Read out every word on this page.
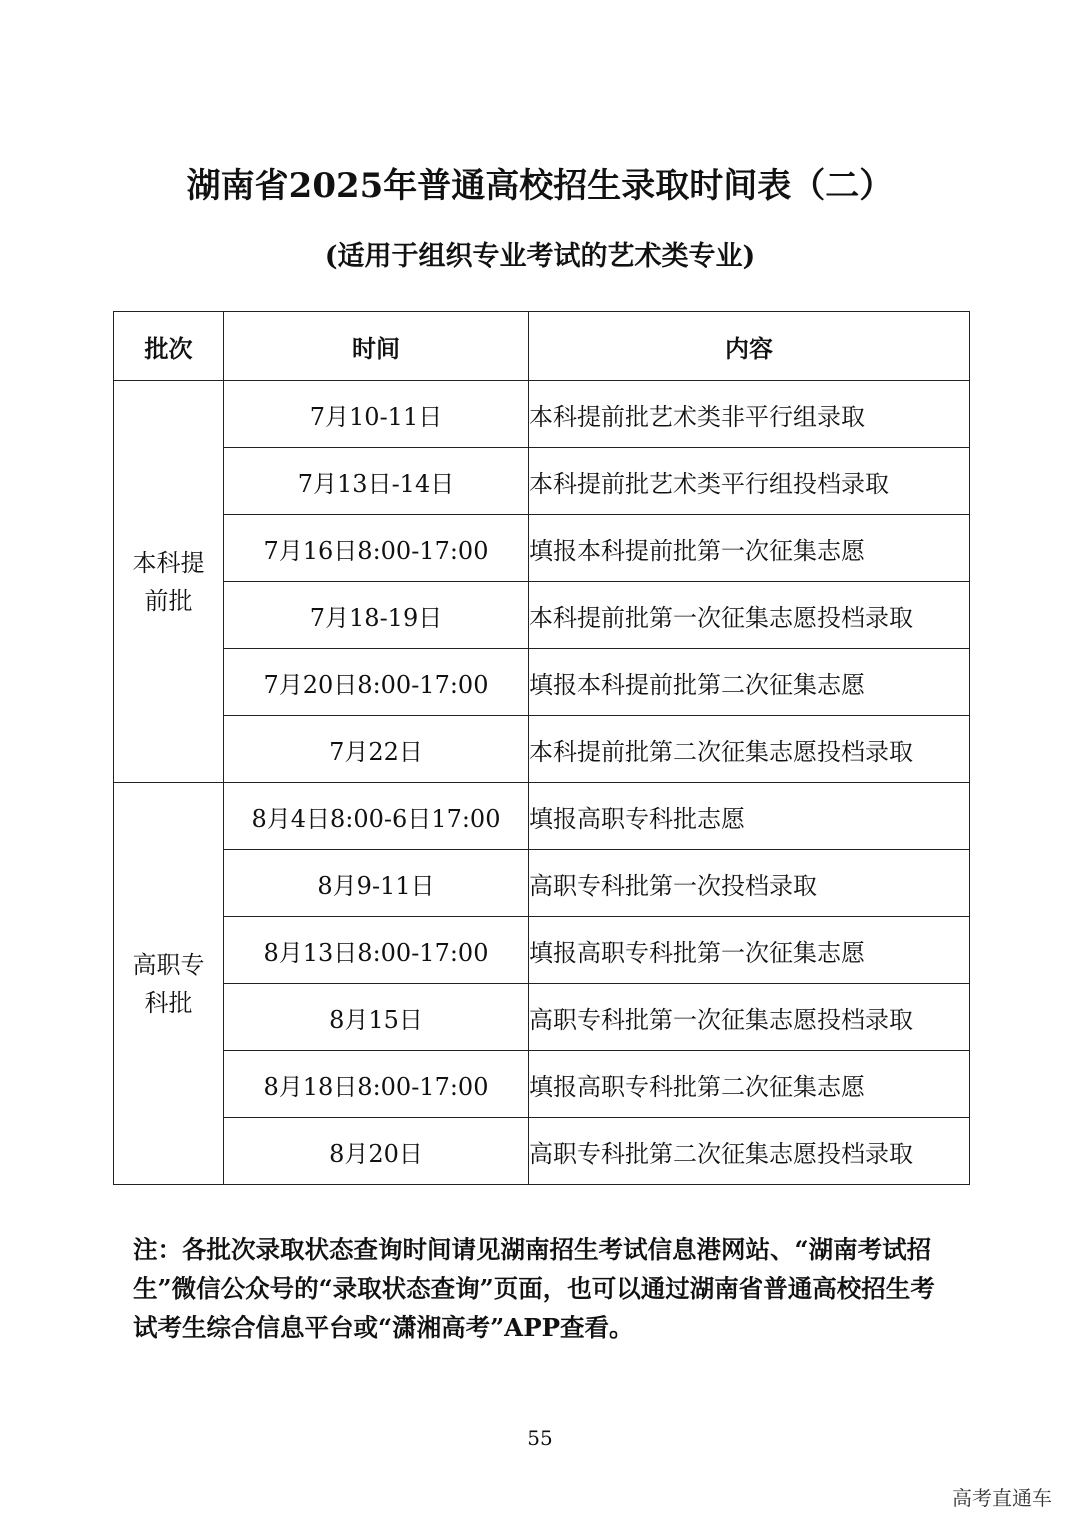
湖南省2025年普通高校招生录取时间表（二）
(适用于组织专业考试的艺术类专业)
批次	时间	内容
本科提前批	7月10-11日	本科提前批艺术类非平行组录取
	7月13日-14日	本科提前批艺术类平行组投档录取
	7月16日8:00-17:00	填报本科提前批第一次征集志愿
	7月18-19日	本科提前批第一次征集志愿投档录取
	7月20日8:00-17:00	填报本科提前批第二次征集志愿
	7月22日	本科提前批第二次征集志愿投档录取
高职专科批	8月4日8:00-6日17:00	填报高职专科批志愿
	8月9-11日	高职专科批第一次投档录取
	8月13日8:00-17:00	填报高职专科批第一次征集志愿
	8月15日	高职专科批第一次征集志愿投档录取
	8月18日8:00-17:00	填报高职专科批第二次征集志愿
	8月20日	高职专科批第二次征集志愿投档录取
注：各批次录取状态查询时间请见湖南招生考试信息港网站、“湖南考试招生”微信公众号的“录取状态查询”页面，也可以通过湖南省普通高校招生考试考生综合信息平台或“潇湘高考”APP查看。
55
高考直通车
